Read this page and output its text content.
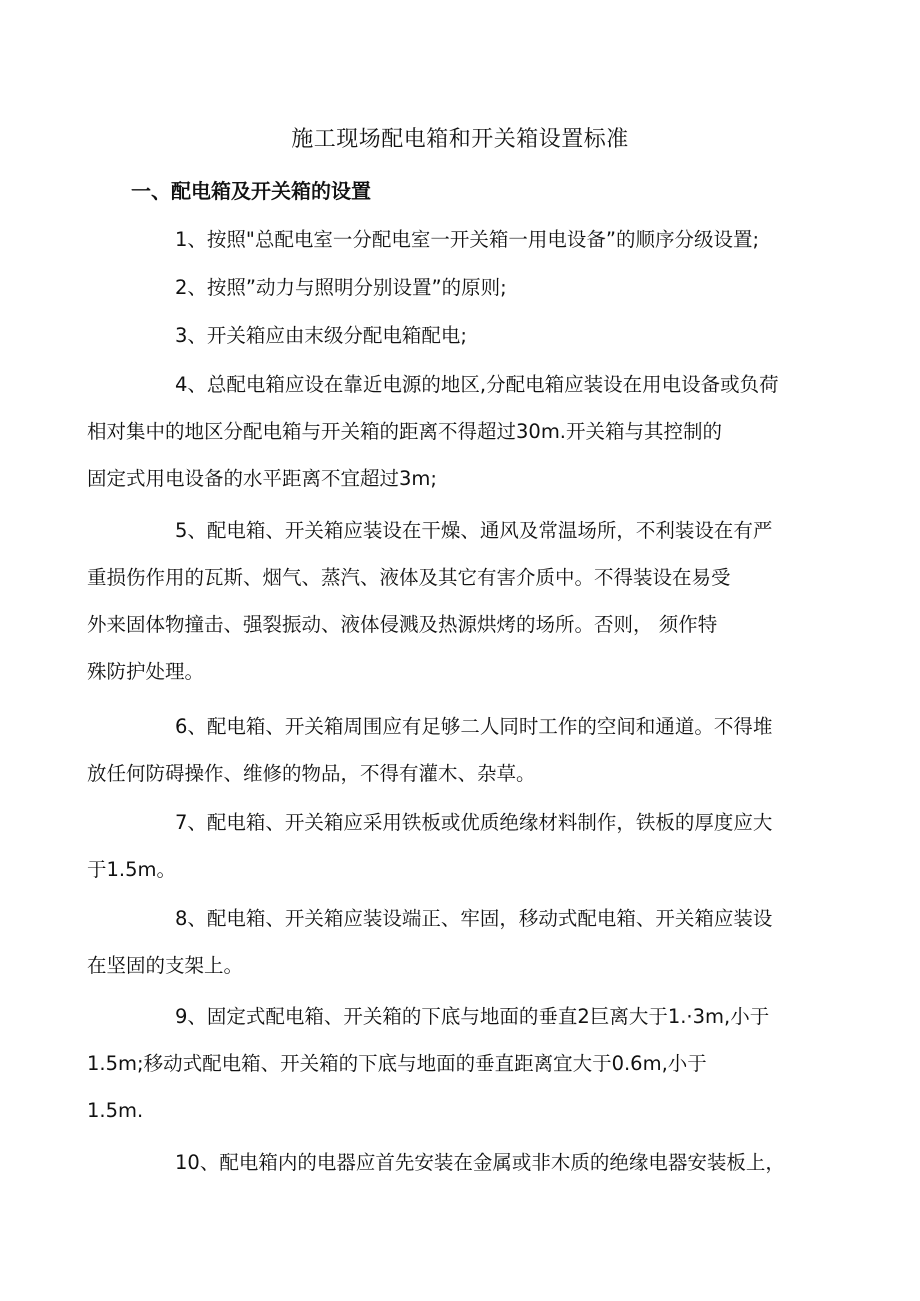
施工现场配电箱和开关箱设置标准
一、配电箱及开关箱的设置

1、按照"总配电室一分配电室一开关箱一用电设备”的顺序分级设置;

2、按照”动力与照明分别设置”的原则;

3、开关箱应由末级分配电箱配电;

4、总配电箱应设在靠近电源的地区,分配电箱应装设在用电设备或负荷
相对集中的地区分配电箱与开关箱的距离不得超过30m.开关箱与其控制的
固定式用电设备的水平距离不宜超过3m;

5、配电箱、开关箱应装设在干燥、通风及常温场所，不利装设在有严
重损伤作用的瓦斯、烟气、蒸汽、液体及其它有害介质中。不得装设在易受
外来固体物撞击、强裂振动、液体侵溅及热源烘烤的场所。否则， 须作特
殊防护处理。

6、配电箱、开关箱周围应有足够二人同时工作的空间和通道。不得堆
放任何防碍操作、维修的物品，不得有灌木、杂草。

7、配电箱、开关箱应采用铁板或优质绝缘材料制作，铁板的厚度应大
于1.5m。

8、配电箱、开关箱应装设端正、牢固，移动式配电箱、开关箱应装设
在坚固的支架上。

9、固定式配电箱、开关箱的下底与地面的垂直2巨离大于1.·3m,小于
1.5m;移动式配电箱、开关箱的下底与地面的垂直距离宜大于0.6m,小于
1.5m.

10、配电箱内的电器应首先安装在金属或非木质的绝缘电器安装板上，
